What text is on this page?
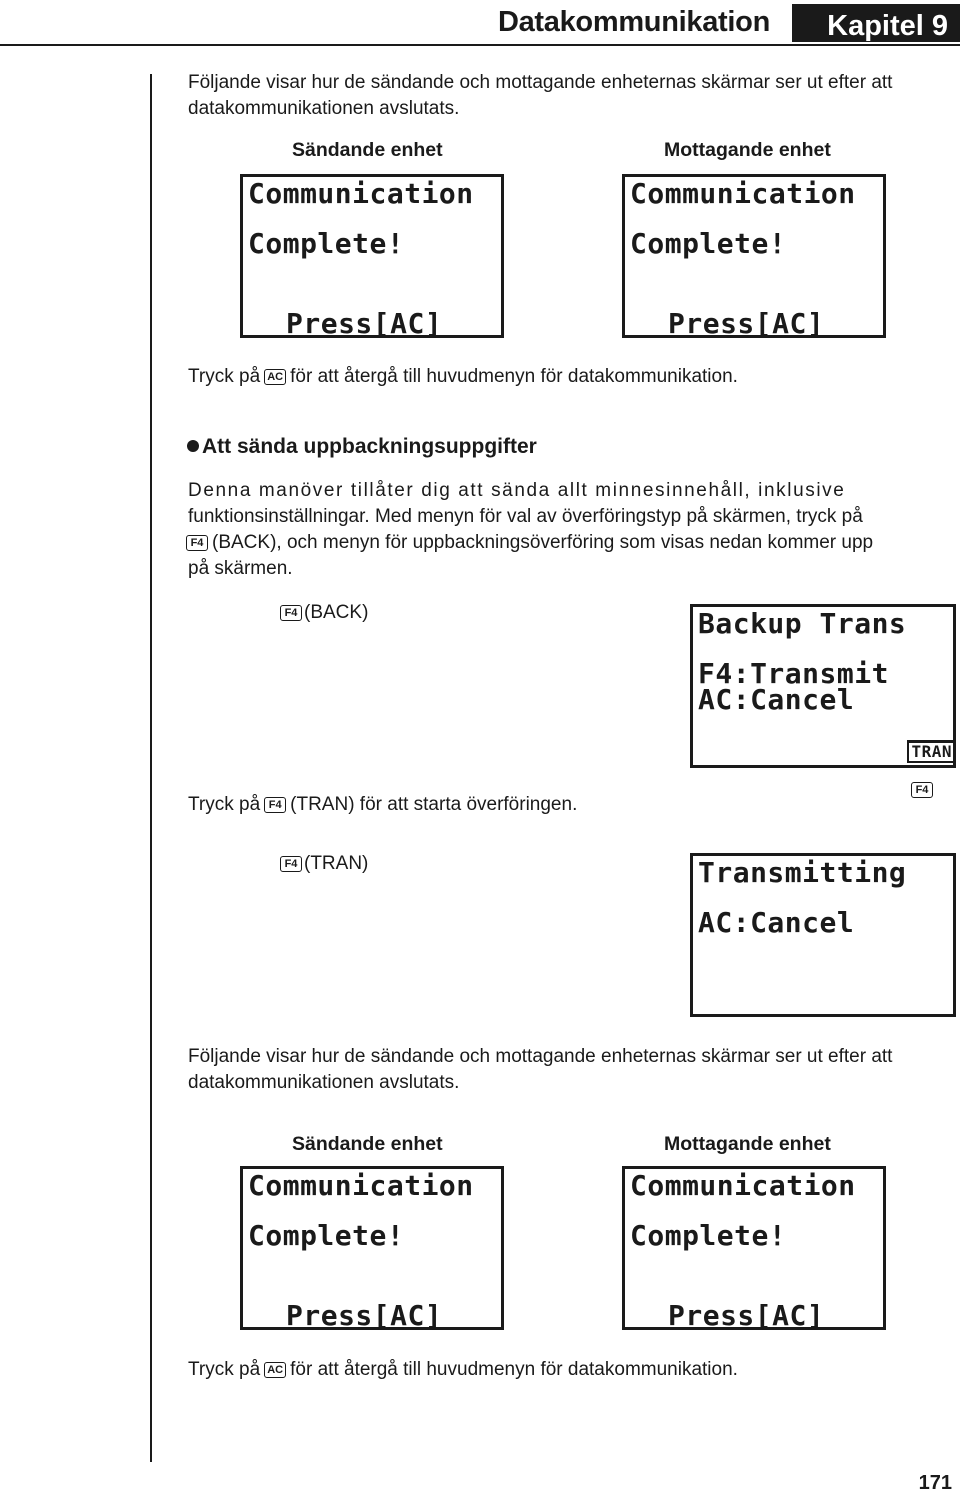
Datakommunikation Kapitel 9
Följande visar hur de sändande och mottagande enheternas skärmar ser ut efter att datakommunikationen avslutats.
Sändande enhet	Mottagande enhet
Communication
Complete!
Press[AC]
Communication
Complete!
Press[AC]
Tryck på AC för att återgå till huvudmenyn för datakommunikation.
Att sända uppbackningsuppgifter
Denna manöver tillåter dig att sända allt minnesinnehåll, inklusive
funktionsinställningar. Med menyn för val av överföringstyp på skärmen, tryck på
F4 (BACK), och menyn för uppbackningsöverföring som visas nedan kommer upp
på skärmen.
F4 (BACK)	Backup Trans
F4:Transmit
AC:Cancel
TRAN
F4
Tryck på F4 (TRAN) för att starta överföringen.
F4 (TRAN)	Transmitting
AC:Cancel
Följande visar hur de sändande och mottagande enheternas skärmar ser ut efter att datakommunikationen avslutats.
Sändande enhet	Mottagande enhet
Communication
Complete!
Press[AC]
Communication
Complete!
Press[AC]
Tryck på AC för att återgå till huvudmenyn för datakommunikation.
171
